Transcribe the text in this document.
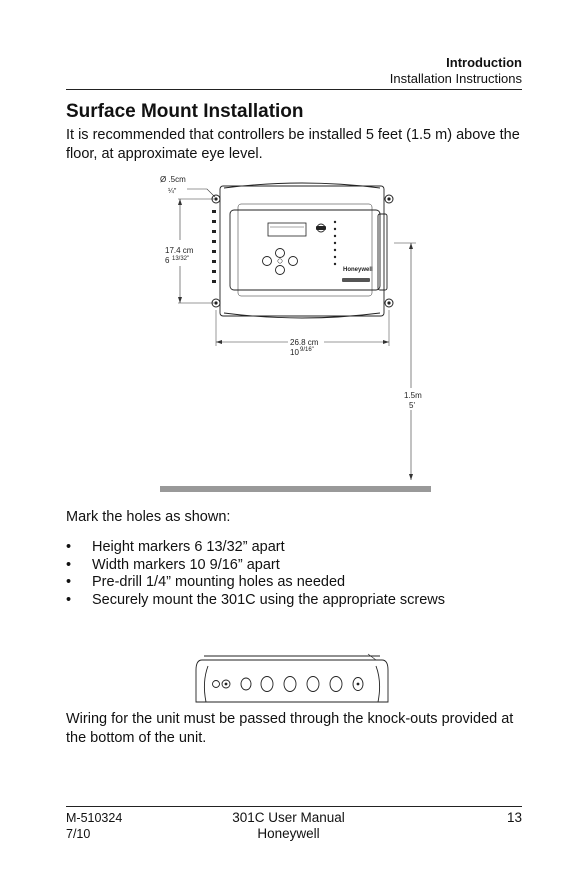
Introduction
Installation Instructions
Surface Mount Installation

It is recommended that controllers be installed 5 feet (1.5 m) above the floor, at approximate eye level.

Ø .5cm
¼"
17.4 cm
6 13/32"
Honeywell
26.8 cm
10 9/16"
1.5m
5'

Mark the holes as shown:

• Height markers 6 13/32” apart
• Width markers 10 9/16” apart
• Pre-drill 1/4” mounting holes as needed
• Securely mount the 301C using the appropriate screws

Wiring for the unit must be passed through the knock-outs provided at the bottom of the unit.

M-510324
7/10
301C User Manual
Honeywell
13
